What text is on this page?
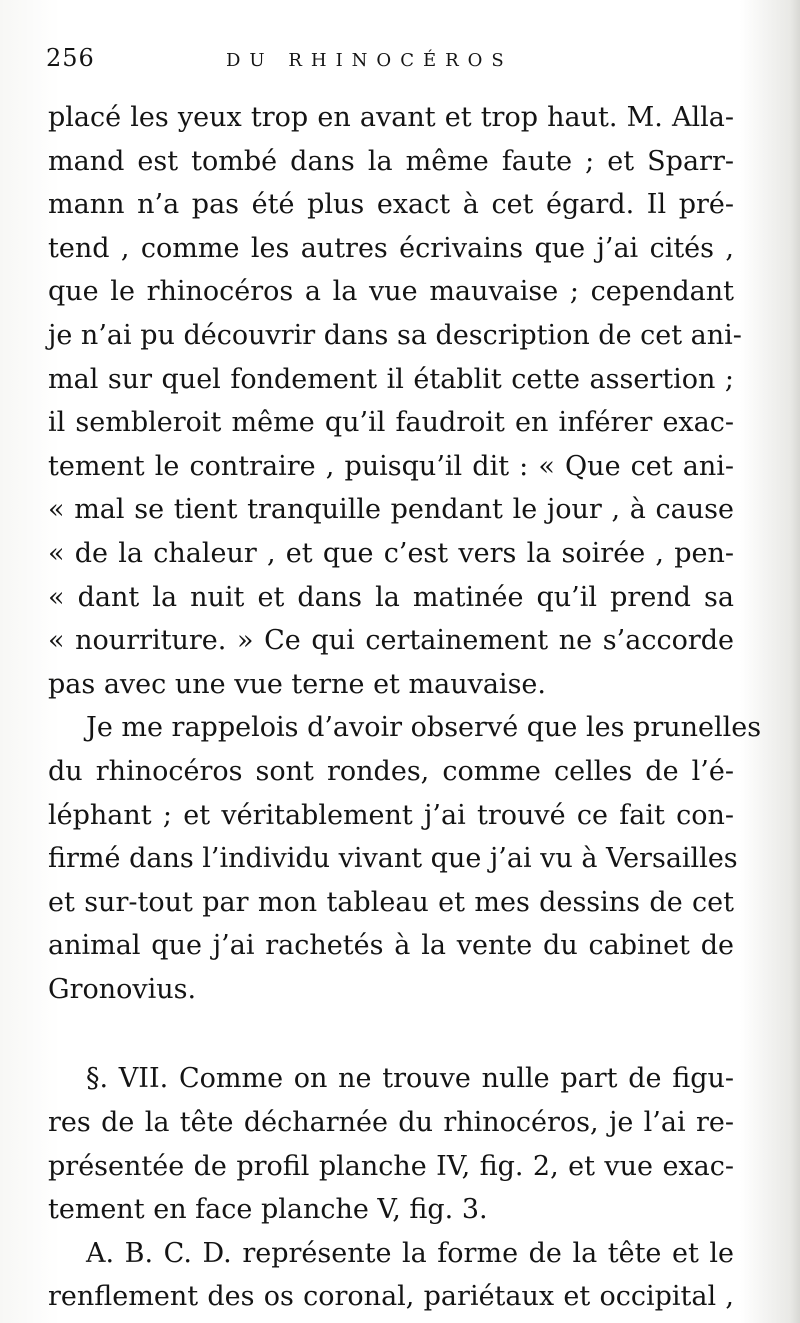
256	DU RHINOCÉROS
placé les yeux trop en avant et trop haut. M. Alla-
mand est tombé dans la même faute ; et Sparr-
mann n’a pas été plus exact à cet égard. Il pré-
tend , comme les autres écrivains que j’ai cités ,
que le rhinocéros a la vue mauvaise ; cependant
je n’ai pu découvrir dans sa description de cet ani-
mal sur quel fondement il établit cette assertion ;
il sembleroit même qu’il faudroit en inférer exac-
tement le contraire , puisqu’il dit : « Que cet ani-
« mal se tient tranquille pendant le jour , à cause
« de la chaleur , et que c’est vers la soirée , pen-
« dant la nuit et dans la matinée qu’il prend sa
« nourriture. » Ce qui certainement ne s’accorde
pas avec une vue terne et mauvaise.
Je me rappelois d’avoir observé que les prunelles
du rhinocéros sont rondes, comme celles de l’é-
léphant ; et véritablement j’ai trouvé ce fait con-
firmé dans l’individu vivant que j’ai vu à Versailles
et sur-tout par mon tableau et mes dessins de cet
animal que j’ai rachetés à la vente du cabinet de
Gronovius.
§. VII. Comme on ne trouve nulle part de figu-
res de la tête décharnée du rhinocéros, je l’ai re-
présentée de profil planche IV, fig. 2, et vue exac-
tement en face planche V, fig. 3.
A. B. C. D. représente la forme de la tête et le
renflement des os coronal, pariétaux et occipital ,
